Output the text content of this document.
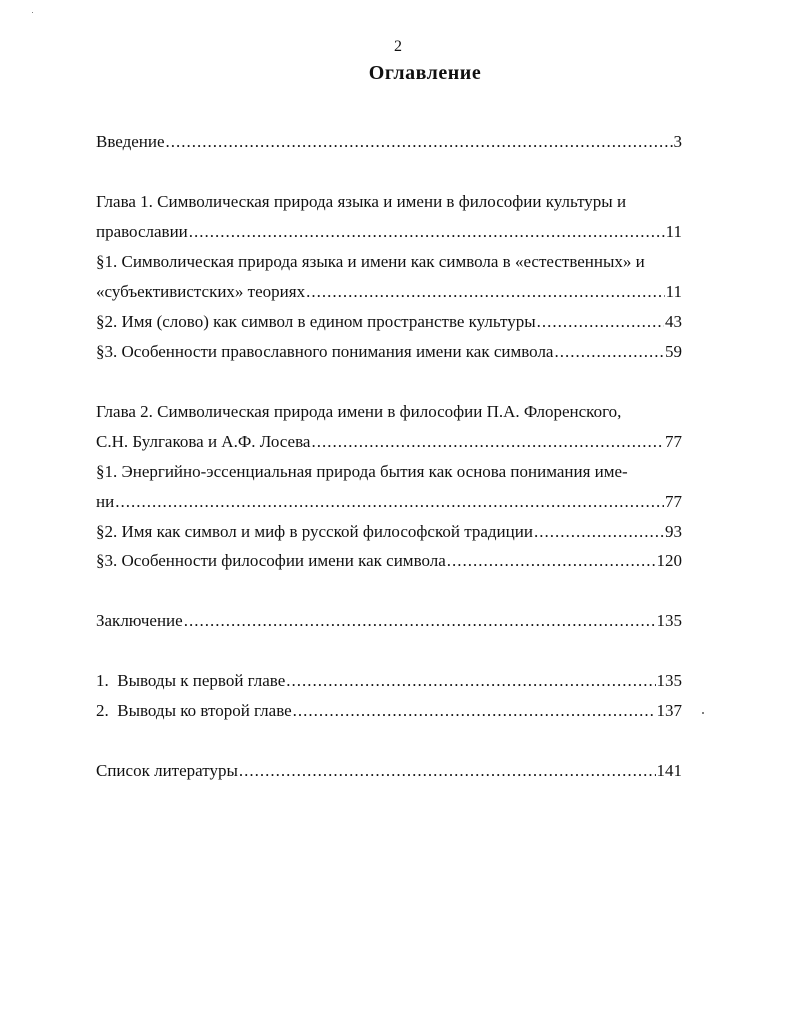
2
Оглавление
Введение .....	3
Глава 1. Символическая природа языка и имени в философии культуры и
православии .....	11
§1. Символическая природа языка и имени как символа в «естественных» и
«субъективистских» теориях .....	11
§2. Имя (слово) как символ в едином пространстве культуры .....	43
§3. Особенности православного понимания имени как символа .....	59
Глава 2. Символическая природа имени в философии П.А. Флоренского,
С.Н. Булгакова и А.Ф. Лосева .....	77
§1. Энергийно-эссенциальная природа бытия как основа понимания име-
ни .....	77
§2. Имя как символ и миф в русской философской традиции .....	93
§3. Особенности философии имени как символа .....	120
Заключение .....	135
1.  Выводы к первой главе .....	135
2.  Выводы ко второй главе .....	137
Список литературы .....	141
